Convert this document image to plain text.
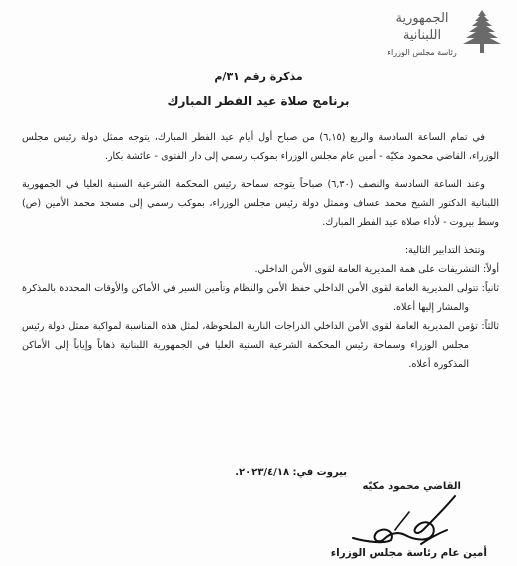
الجمهورية
اللبنانية
رئاسة مجلس الوزراء
مذكرة رقم ٣١/م
برنامج صلاة عيد الفطر المبارك

في تمام الساعة السادسة والربع (٦,١٥) من صباح أول أيام عيد الفطر المبارك، يتوجه ممثل دولة رئيس مجلس الوزراء، القاضي محمود مكيّه - أمين عام مجلس الوزراء بموكب رسمي إلى دار الفتوى - عائشة بكار.

وعند الساعة السادسة والنصف (٦,٣٠) صباحاً يتوجه سماحة رئيس المحكمة الشرعية السنية العليا في الجمهورية اللبنانية الدكتور الشيخ محمد عساف وممثل دولة رئيس مجلس الوزراء، بموكب رسمي إلى مسجد محمد الأمين (ص) وسط بيروت - لأداء صلاة عيد الفطر المبارك.

وتتخذ التدابير التالية:

أولاً: التشريفات على همة المديرية العامة لقوى الأمن الداخلي.

ثانياً: تتولى المديرية العامة لقوى الأمن الداخلي حفظ الأمن والنظام وتأمين السير في الأماكن والأوقات المحددة بالمذكرة والمشار إليها أعلاه.

ثالثاً: تؤمن المديرية العامة لقوى الأمن الداخلي الدراجات النارية الملحوظة، لمثل هذه المناسبة لمواكبة ممثل دولة رئيس مجلس الوزراء وسماحة رئيس المحكمة الشرعية السنية العليا في الجمهورية اللبنانية ذهاباً وإياباً إلى الأماكن المذكورة أعلاه.

بيروت في: ٢٠٢٣/٤/١٨.
القاضي محمود مكيّه
أمين عام رئاسة مجلس الوزراء
